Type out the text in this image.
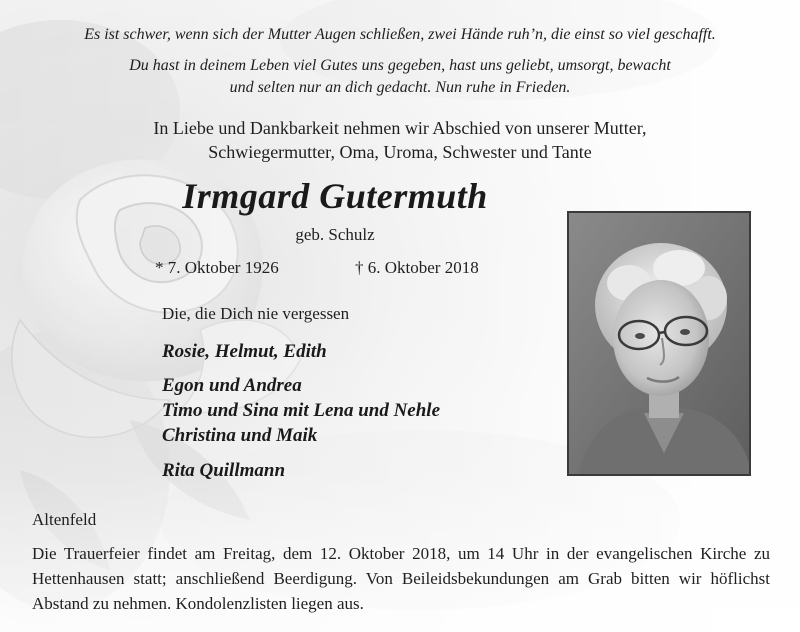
Es ist schwer, wenn sich der Mutter Augen schließen, zwei Hände ruh’n, die einst so viel geschafft.
Du hast in deinem Leben viel Gutes uns gegeben, hast uns geliebt, umsorgt, bewacht
und selten nur an dich gedacht. Nun ruhe in Frieden.
In Liebe und Dankbarkeit nehmen wir Abschied von unserer Mutter,
Schwiegermutter, Oma, Uroma, Schwester und Tante
Irmgard Gutermuth
geb. Schulz
* 7. Oktober 1926	† 6. Oktober 2018
Die, die Dich nie vergessen
Rosie, Helmut, Edith
Egon und Andrea
Timo und Sina mit Lena und Nehle
Christina und Maik
Rita Quillmann
Altenfeld
Die Trauerfeier findet am Freitag, dem 12. Oktober 2018, um 14 Uhr in der evangelischen Kirche zu Hettenhausen statt; anschließend Beerdigung. Von Beileidsbekundungen am Grab bitten wir höflichst Abstand zu nehmen. Kondolenzlisten liegen aus.
